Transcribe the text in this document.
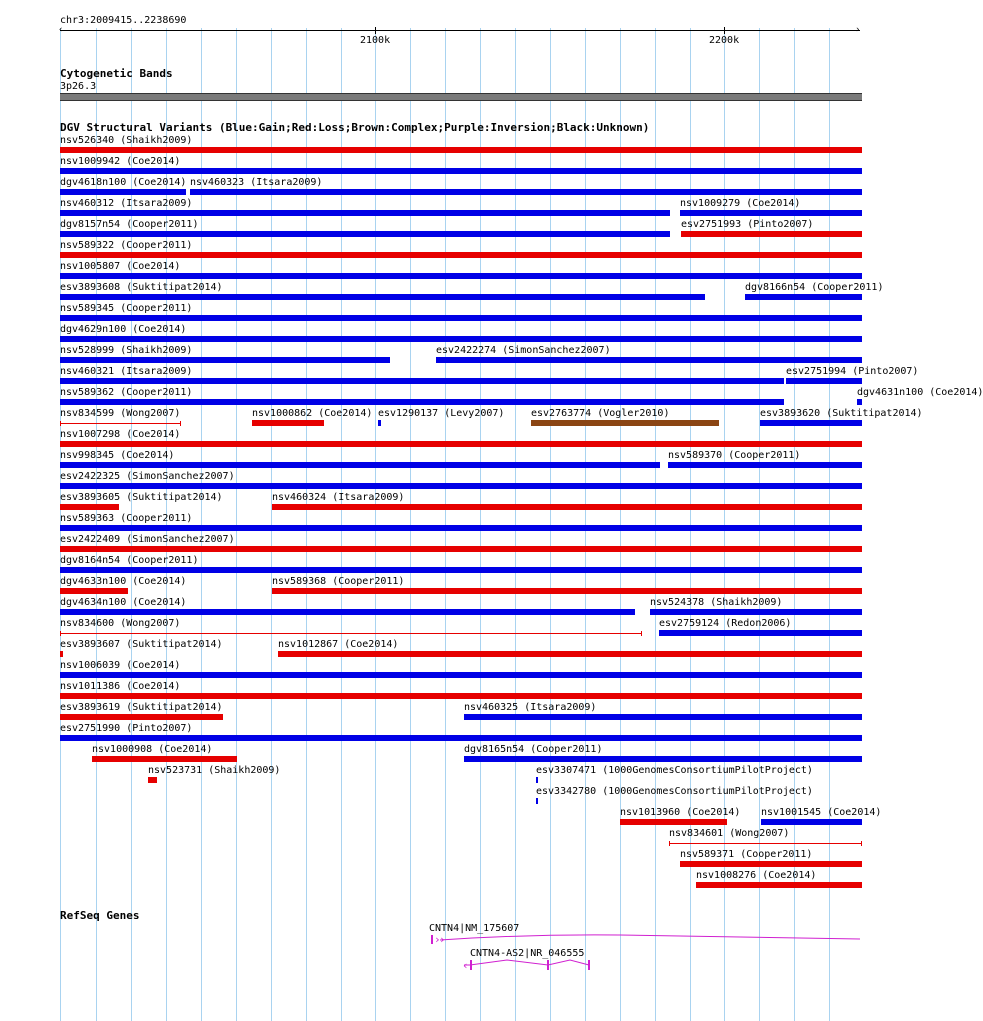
chr3:2009415..2238690
‹	›
2100k	2200k
Cytogenetic Bands
3p26.3
DGV Structural Variants (Blue:Gain;Red:Loss;Brown:Complex;Purple:Inversion;Black:Unknown)
nsv526340 (Shaikh2009)
nsv1009942 (Coe2014)
dgv4618n100 (Coe2014) nsv460323 (Itsara2009)
nsv460312 (Itsara2009)	nsv1009279 (Coe2014)
dgv8157n54 (Cooper2011)	esv2751993 (Pinto2007)
nsv589322 (Cooper2011)
nsv1005807 (Coe2014)
esv3893608 (Suktitipat2014)	dgv8166n54 (Cooper2011)
nsv589345 (Cooper2011)
dgv4629n100 (Coe2014)
nsv528999 (Shaikh2009)	esv2422274 (SimonSanchez2007)
nsv460321 (Itsara2009)	esv2751994 (Pinto2007)
nsv589362 (Cooper2011)	dgv4631n100 (Coe2014)
nsv834599 (Wong2007)	nsv1000862 (Coe2014) esv1290137 (Levy2007)	esv2763774 (Vogler2010)	esv3893620 (Suktitipat2014)
nsv1007298 (Coe2014)
nsv998345 (Coe2014)	nsv589370 (Cooper2011)
esv2422325 (SimonSanchez2007)
esv3893605 (Suktitipat2014)	nsv460324 (Itsara2009)
nsv589363 (Cooper2011)
esv2422409 (SimonSanchez2007)
dgv8164n54 (Cooper2011)
dgv4633n100 (Coe2014)	nsv589368 (Cooper2011)
dgv4634n100 (Coe2014)	nsv524378 (Shaikh2009)
nsv834600 (Wong2007)	esv2759124 (Redon2006)
esv3893607 (Suktitipat2014)	nsv1012867 (Coe2014)
nsv1006039 (Coe2014)
nsv1011386 (Coe2014)
esv3893619 (Suktitipat2014)	nsv460325 (Itsara2009)
esv2751990 (Pinto2007)
nsv1000908 (Coe2014)	dgv8165n54 (Cooper2011)
nsv523731 (Shaikh2009)	esv3307471 (1000GenomesConsortiumPilotProject)
esv3342780 (1000GenomesConsortiumPilotProject)
nsv1013960 (Coe2014) nsv1001545 (Coe2014)
nsv834601 (Wong2007)
nsv589371 (Cooper2011)
nsv1008276 (Coe2014)
RefSeq Genes
CNTN4|NM_175607
›
›
CNTN4-AS2|NR_046555
‹
